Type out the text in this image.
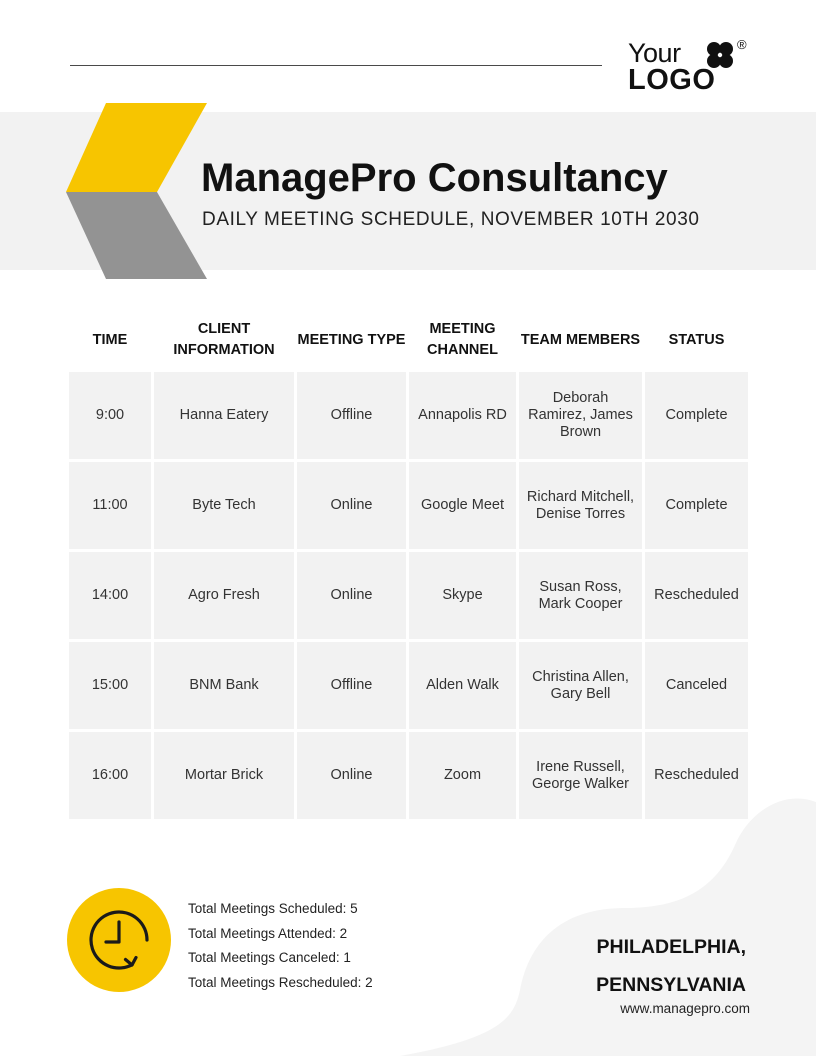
Your	®
LOGO
ManagePro Consultancy
DAILY MEETING SCHEDULE, NOVEMBER 10TH 2030
TIME	CLIENT INFORMATION	MEETING TYPE	MEETING CHANNEL	TEAM MEMBERS	STATUS
9:00	Hanna Eatery	Offline	Annapolis RD	Deborah Ramirez, James Brown	Complete
11:00	Byte Tech	Online	Google Meet	Richard Mitchell, Denise Torres	Complete
14:00	Agro Fresh	Online	Skype	Susan Ross, Mark Cooper	Rescheduled
15:00	BNM Bank	Offline	Alden Walk	Christina Allen, Gary Bell	Canceled
16:00	Mortar Brick	Online	Zoom	Irene Russell, George Walker	Rescheduled
Total Meetings Scheduled: 5
Total Meetings Attended: 2
Total Meetings Canceled: 1
Total Meetings Rescheduled: 2
PHILADELPHIA,
PENNSYLVANIA
www.managepro.com
